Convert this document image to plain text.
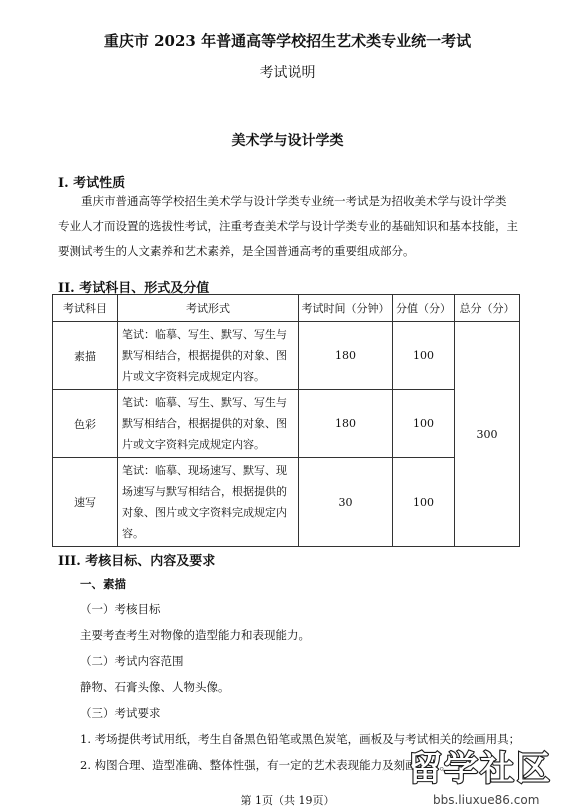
重庆市 2023 年普通高等学校招生艺术类专业统一考试
考试说明
美术学与设计学类
I. 考试性质

重庆市普通高等学校招生美术学与设计学类专业统一考试是为招收美术学与设计学类

专业人才而设置的选拔性考试，注重考查美术学与设计学类专业的基础知识和基本技能，主

要测试考生的人文素养和艺术素养，是全国普通高考的重要组成部分。

II. 考试科目、形式及分值
考试科目	考试形式	考试时间（分钟）	分值（分）	总分（分）
素描	笔试：临摹、写生、默写、写生与
默写相结合，根据提供的对象、图
片或文字资料完成规定内容。	180	100	300
色彩	笔试：临摹、写生、默写、写生与
默写相结合，根据提供的对象、图
片或文字资料完成规定内容。	180	100	
速写	笔试：临摹、现场速写、默写、现
场速写与默写相结合，根据提供的
对象、图片或文字资料完成规定内
容。	30	100	
III. 考核目标、内容及要求
一、素描
（一）考核目标
主要考查考生对物像的造型能力和表现能力。
（二）考试内容范围
静物、石膏头像、人物头像。
（三）考试要求
1. 考场提供考试用纸，考生自备黑色铅笔或黑色炭笔，画板及与考试相关的绘画用具；
2. 构图合理、造型准确、整体性强，有一定的艺术表现能力及刻画能力。
留学社区
bbs.liuxue86.com
第 1页（共 19页）
